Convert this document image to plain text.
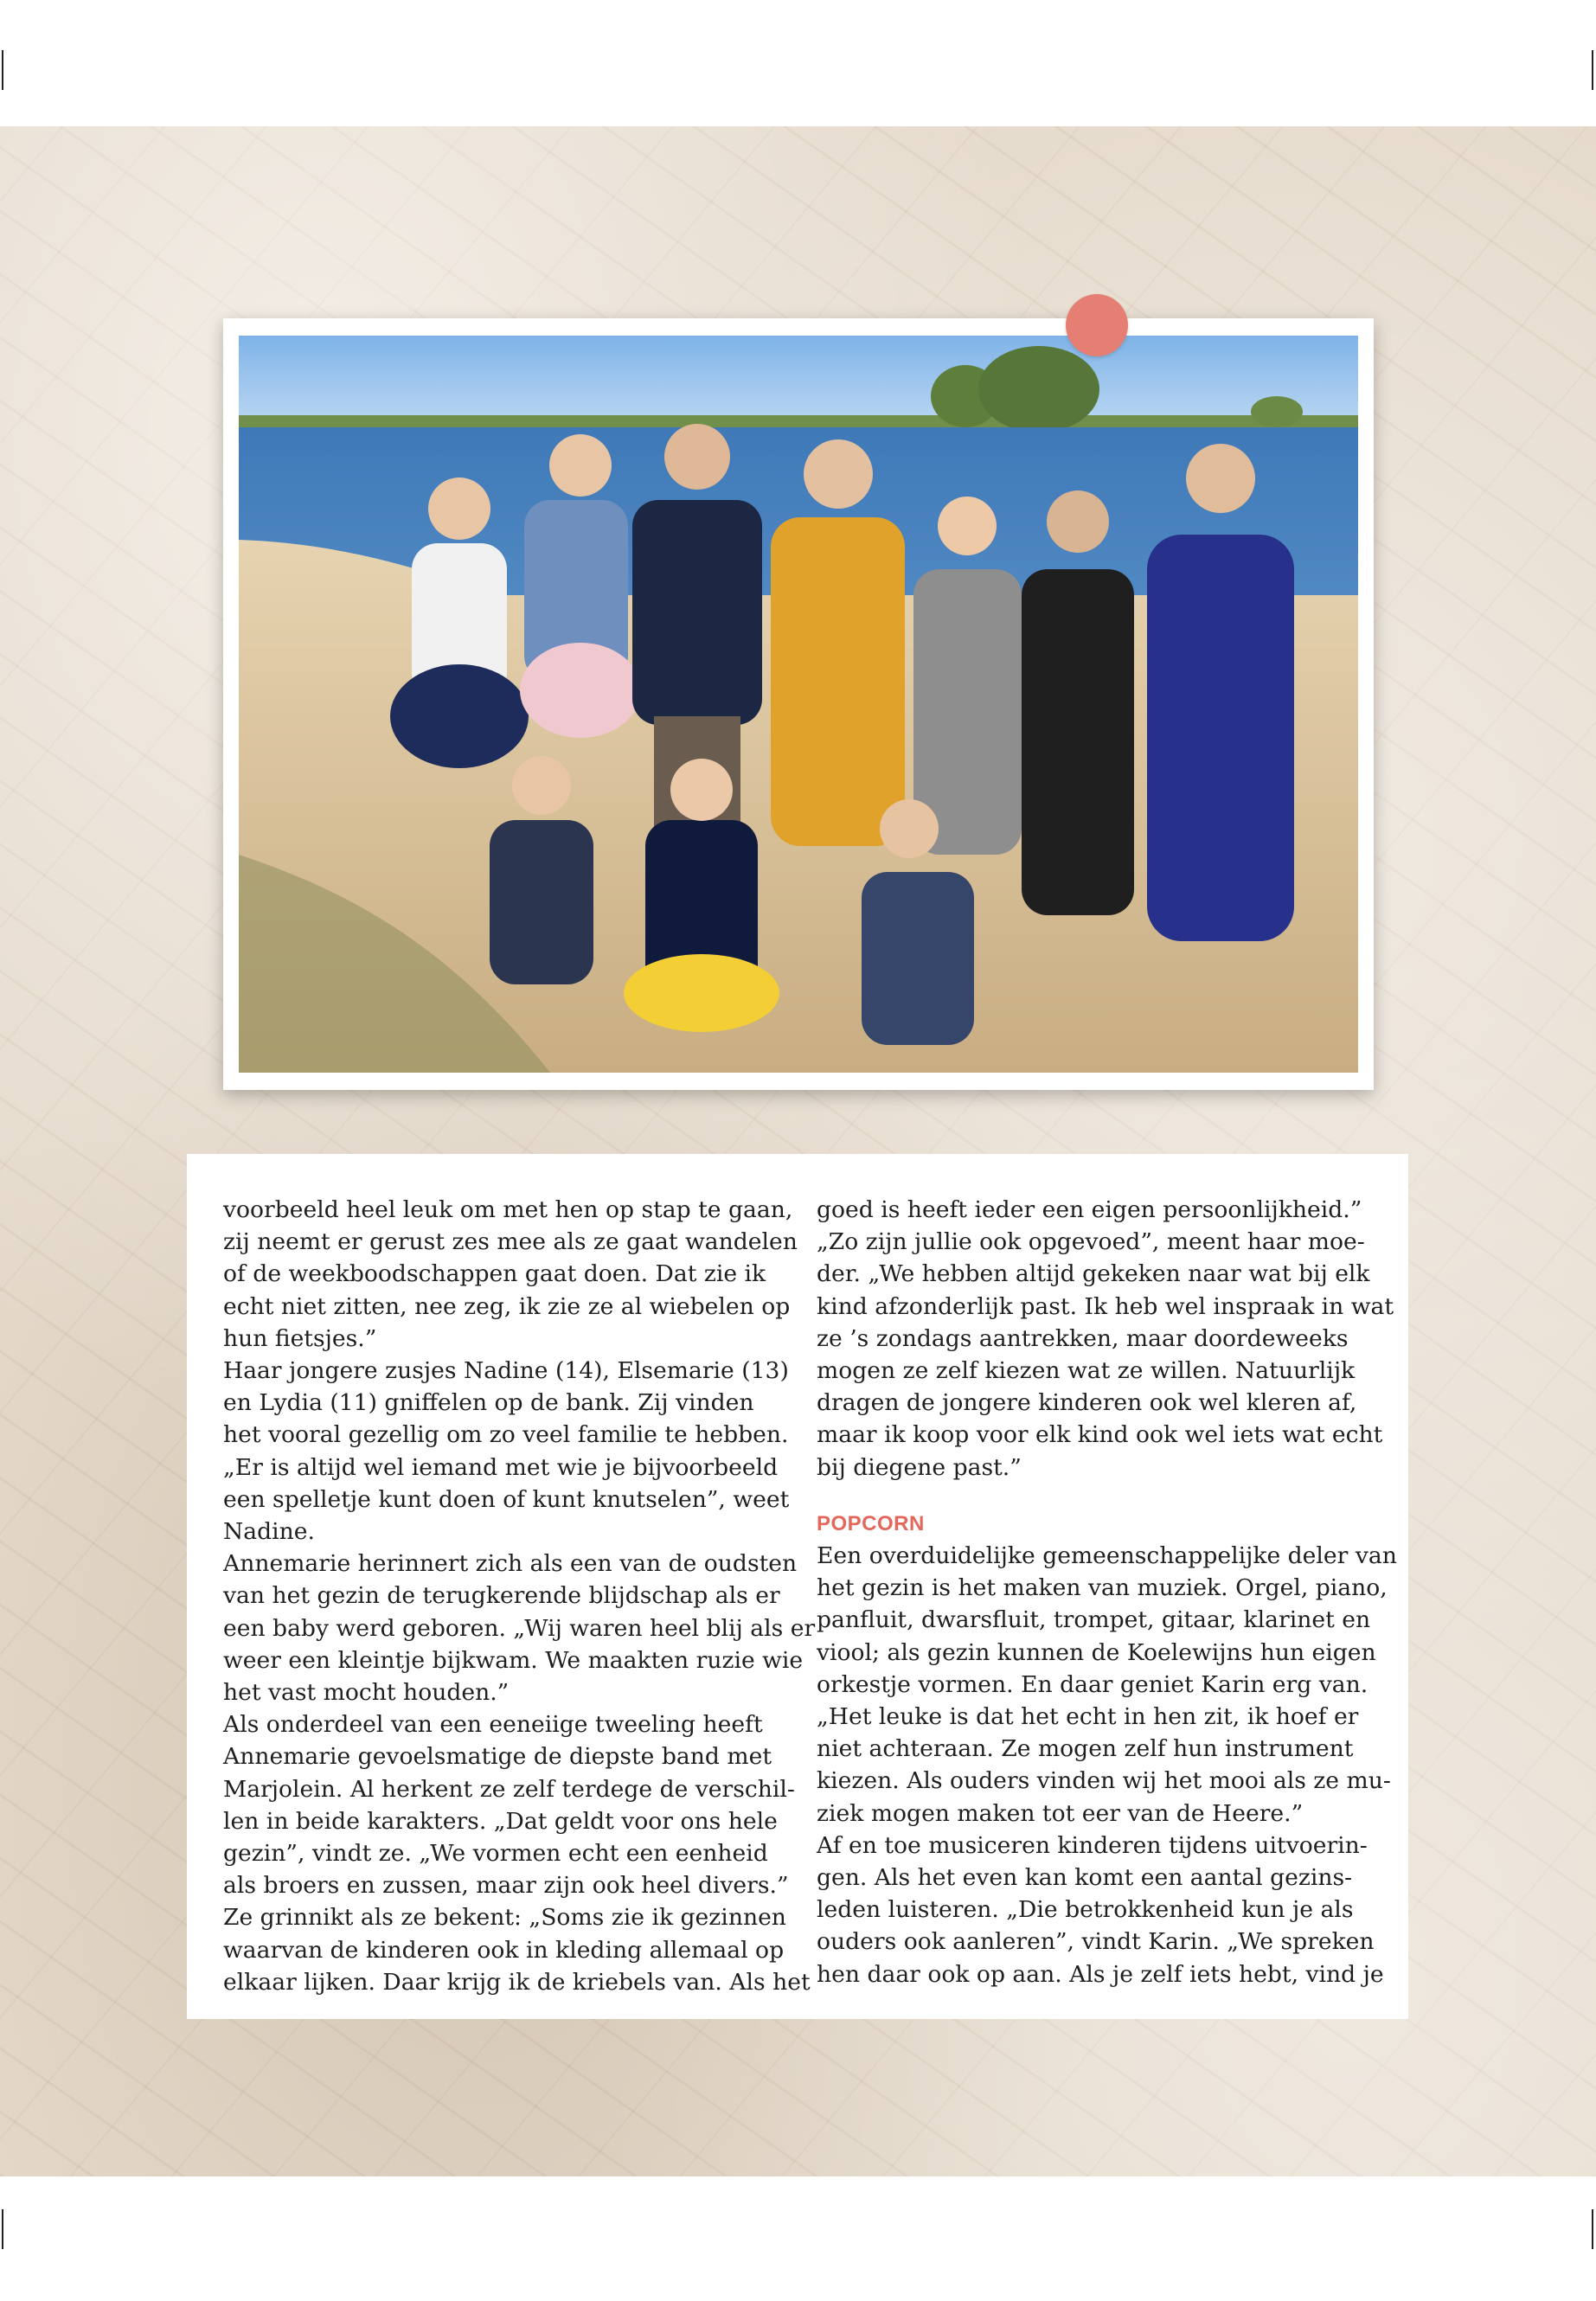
voorbeeld heel leuk om met hen op stap te gaan,

zij neemt er gerust zes mee als ze gaat wandelen

of de weekboodschappen gaat doen. Dat zie ik

echt niet zitten, nee zeg, ik zie ze al wiebelen op

hun fietsjes.”

Haar jongere zusjes Nadine (14), Elsemarie (13)

en Lydia (11) gniffelen op de bank. Zij vinden

het vooral gezellig om zo veel familie te hebben.

„Er is altijd wel iemand met wie je bijvoorbeeld

een spelletje kunt doen of kunt knutselen”, weet

Nadine.

Annemarie herinnert zich als een van de oudsten

van het gezin de terugkerende blijdschap als er

een baby werd geboren. „Wij waren heel blij als er

weer een kleintje bijkwam. We maakten ruzie wie

het vast mocht houden.”

Als onderdeel van een eeneiige tweeling heeft

Annemarie gevoelsmatige de diepste band met

Marjolein. Al herkent ze zelf terdege de verschil-

len in beide karakters. „Dat geldt voor ons hele

gezin”, vindt ze. „We vormen echt een eenheid

als broers en zussen, maar zijn ook heel divers.”

Ze grinnikt als ze bekent: „Soms zie ik gezinnen

waarvan de kinderen ook in kleding allemaal op

elkaar lijken. Daar krijg ik de kriebels van. Als het

goed is heeft ieder een eigen persoonlijkheid.”

„Zo zijn jullie ook opgevoed”, meent haar moe-

der. „We hebben altijd gekeken naar wat bij elk

kind afzonderlijk past. Ik heb wel inspraak in wat

ze ’s zondags aantrekken, maar doordeweeks

mogen ze zelf kiezen wat ze willen. Natuurlijk

dragen de jongere kinderen ook wel kleren af,

maar ik koop voor elk kind ook wel iets wat echt

bij diegene past.”

POPCORN

Een overduidelijke gemeenschappelijke deler van

het gezin is het maken van muziek. Orgel, piano,

panfluit, dwarsfluit, trompet, gitaar, klarinet en

viool; als gezin kunnen de Koelewijns hun eigen

orkestje vormen. En daar geniet Karin erg van.

„Het leuke is dat het echt in hen zit, ik hoef er

niet achteraan. Ze mogen zelf hun instrument

kiezen. Als ouders vinden wij het mooi als ze mu-

ziek mogen maken tot eer van de Heere.”

Af en toe musiceren kinderen tijdens uitvoerin-

gen. Als het even kan komt een aantal gezins-

leden luisteren. „Die betrokkenheid kun je als

ouders ook aanleren”, vindt Karin. „We spreken

hen daar ook op aan. Als je zelf iets hebt, vind je
